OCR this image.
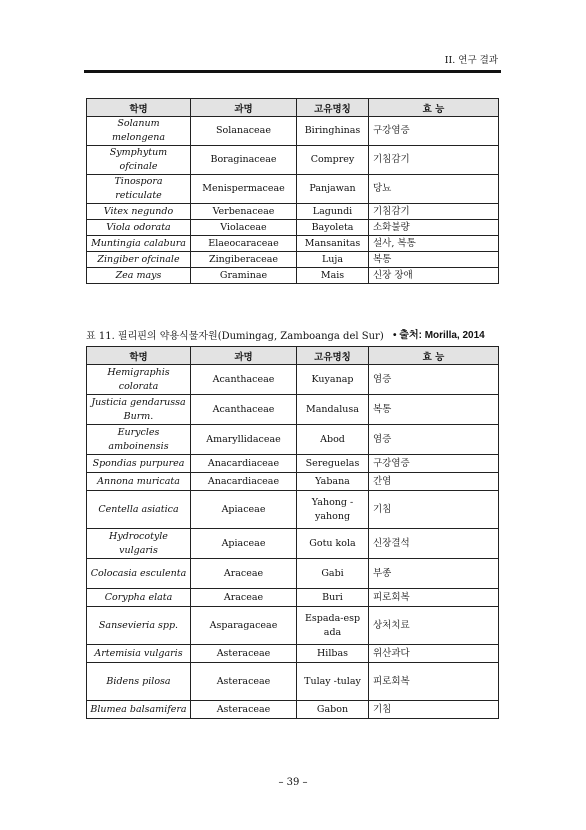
II. 연구 결과
학명	과명	고유명칭	효 능
Solanum melongena	Solanaceae	Biringhinas	구강염증
Symphytum ofcinale	Boraginaceae	Comprey	기침감기
Tinospora reticulate	Menispermaceae	Panjawan	당뇨
Vitex negundo	Verbenaceae	Lagundi	기침감기
Viola odorata	Violaceae	Bayoleta	소화불량
Muntingia calabura	Elaeocaraceae	Mansanitas	설사, 복통
Zingiber ofcinale	Zingiberaceae	Luja	복통
Zea mays	Graminae	Mais	신장 장애
표 11. 필리핀의 약용식물자원(Dumingag, Zamboanga del Sur) • 출처: Morilla, 2014
학명	과명	고유명칭	효 능
Hemigraphis colorata	Acanthaceae	Kuyanap	염증
Justicia gendarussa Burm.	Acanthaceae	Mandalusa	복통
Eurycles amboinensis	Amaryllidaceae	Abod	염증
Spondias purpurea	Anacardiaceae	Sereguelas	구강염증
Annona muricata	Anacardiaceae	Yabana	간염
Centella asiatica	Apiaceae	Yahong -yahong	기침
Hydrocotyle vulgaris	Apiaceae	Gotu kola	신장결석
Colocasia esculenta	Araceae	Gabi	부종
Corypha elata	Araceae	Buri	피로회복
Sansevieria spp.	Asparagaceae	Espada-esp ada	상처치료
Artemisia vulgaris	Asteraceae	Hilbas	위산과다
Bidens pilosa	Asteraceae	Tulay -tulay	피로회복
Blumea balsamifera	Asteraceae	Gabon	기침
– 39 –
